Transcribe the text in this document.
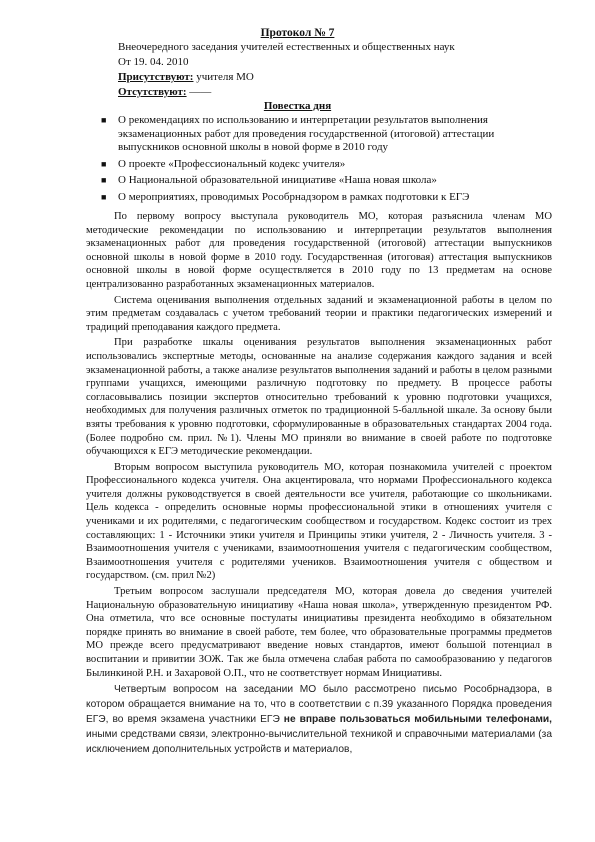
Протокол № 7
Внеочередного заседания учителей естественных и общественных наук
От 19. 04. 2010
Присутствуют: учителя МО
Отсутствуют: ——
Повестка дня
■ О рекомендациях по использованию и интерпретации результатов выполнения экзаменационных работ для проведения государственной (итоговой) аттестации выпускников основной школы в новой форме в 2010 году
■ О проекте «Профессиональный кодекс учителя»
■ О Национальной образовательной инициативе «Наша новая школа»
■ О мероприятиях, проводимых Рособрнадзором в рамках подготовки к ЕГЭ

По первому вопросу выступала руководитель МО, которая разъяснила членам МО методические рекомендации по использованию и интерпретации результатов выполнения экзаменационных работ для проведения государственной (итоговой) аттестации выпускников основной школы в новой форме в 2010 году. Государственная (итоговая) аттестация выпускников основной школы в новой форме осуществляется в 2010 году по 13 предметам на основе централизованно разработанных экзаменационных материалов.

Система оценивания выполнения отдельных заданий и экзаменационной работы в целом по этим предметам создавалась с учетом требований теории и практики педагогических измерений и традиций преподавания каждого предмета.

При разработке шкалы оценивания результатов выполнения экзаменационных работ использовались экспертные методы, основанные на анализе содержания каждого задания и всей экзаменационной работы, а также анализе результатов выполнения заданий и работы в целом разными группами учащихся, имеющими различную подготовку по предмету. В процессе работы согласовывались позиции экспертов относительно требований к уровню подготовки учащихся, необходимых для получения различных отметок по традиционной 5-балльной шкале. За основу были взяты требования к уровню подготовки, сформулированные в образовательных стандартах 2004 года. (Более подробно см. прил. №1). Члены МО приняли во внимание в своей работе по подготовке обучающихся к ЕГЭ методические рекомендации.

Вторым вопросом выступила руководитель МО, которая познакомила учителей с проектом Профессионального кодекса учителя. Она акцентировала, что нормами Профессионального кодекса учителя должны руководствуется в своей деятельности все учителя, работающие со школьниками. Цель кодекса - определить основные нормы профессиональной этики в отношениях учителя с учениками и их родителями, с педагогическим сообществом и государством. Кодекс состоит из трех составляющих: 1 - Источники этики учителя и Принципы этики учителя, 2 - Личность учителя. 3 - Взаимоотношения учителя с учениками, взаимоотношения учителя с педагогическим сообществом, Взаимоотношения учителя с родителями учеников. Взаимоотношения учителя с обществом и государством. (см. прил №2)

Третьим вопросом заслушали председателя МО, которая довела до сведения учителей Национальную образовательную инициативу «Наша новая школа», утвержденную президентом РФ. Она отметила, что все основные постулаты инициативы президента необходимо в обязательном порядке принять во внимание в своей работе, тем более, что образовательные программы предметов МО прежде всего предусматривают введение новых стандартов, имеют большой потенциал в воспитании и привитии ЗОЖ. Так же была отмечена слабая работа по самообразованию у педагогов Былинкиной Р.Н. и Захаровой О.П., что не соответствует нормам Инициативы.

Четвертым вопросом на заседании МО было рассмотрено письмо Рособрнадзора, в котором обращается внимание на то, что в соответствии с п.39 указанного Порядка проведения ЕГЭ, во время экзамена участники ЕГЭ не вправе пользоваться мобильными телефонами, иными средствами связи, электронно-вычислительной техникой и справочными материалами (за исключением дополнительных устройств и материалов,
